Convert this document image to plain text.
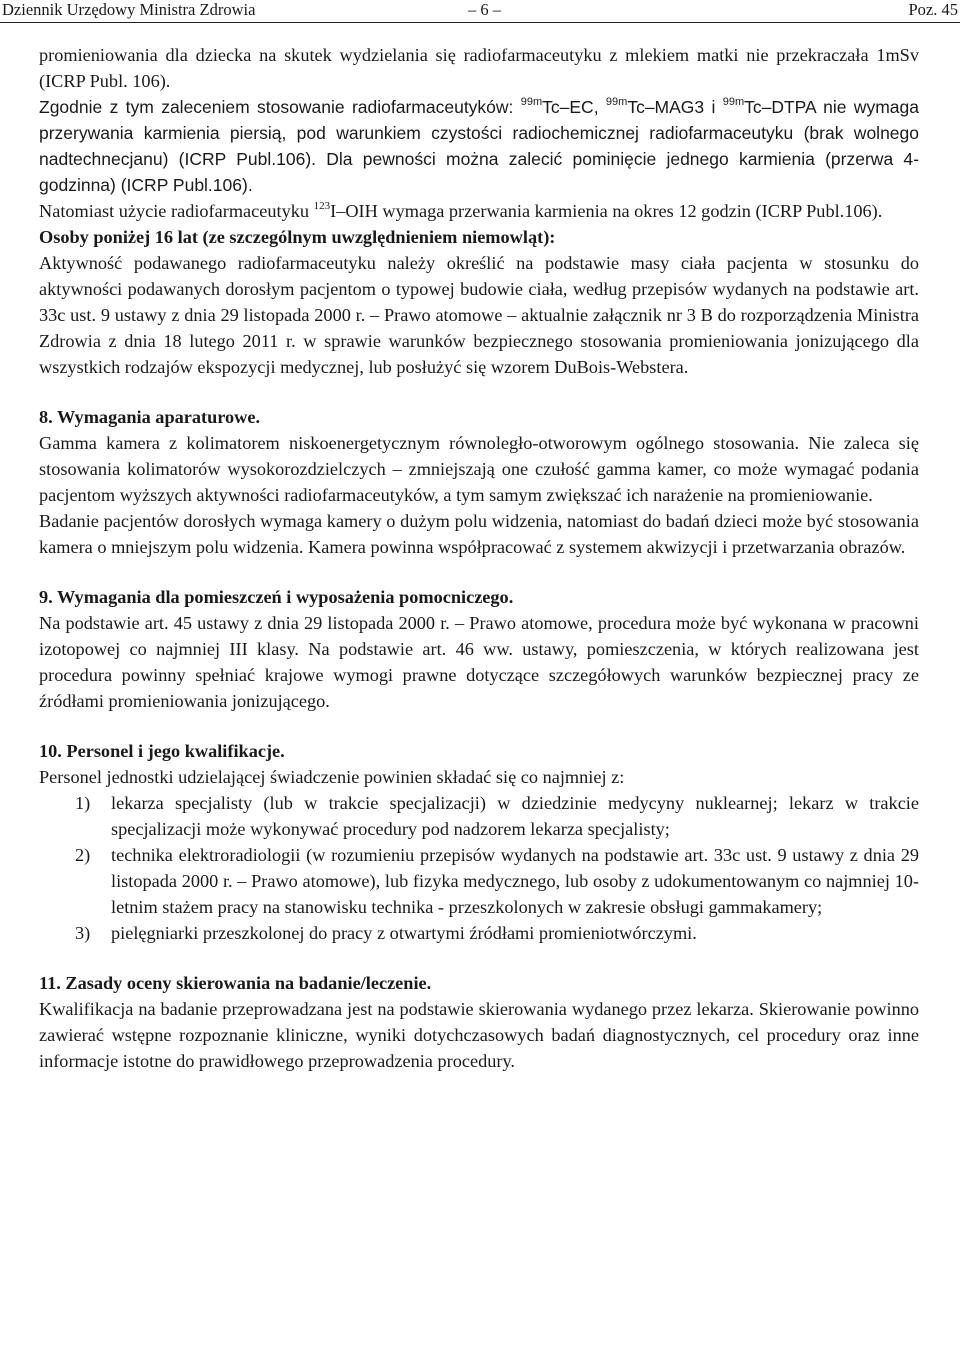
Dziennik Urzędowy Ministra Zdrowia	– 6 –	Poz. 45

promieniowania dla dziecka na skutek wydzielania się radiofarmaceutyku z mlekiem matki nie przekraczała 1mSv (ICRP Publ. 106).

Zgodnie z tym zaleceniem stosowanie radiofarmaceutyków: $^{99m}$Tc–EC, $^{99m}$Tc–MAG3 i $^{99m}$Tc–DTPA nie wymaga przerywania karmienia piersią, pod warunkiem czystości radiochemicznej radiofarmaceutyku (brak wolnego nadtechnecjanu) (ICRP Publ.106). Dla pewności można zalecić pominięcie jednego karmienia (przerwa 4-godzinna) (ICRP Publ.106).

Natomiast użycie radiofarmaceutyku $^{123}$I–OIH wymaga przerwania karmienia na okres 12 godzin (ICRP Publ.106).

Osoby poniżej 16 lat (ze szczególnym uwzględnieniem niemowląt):

Aktywność podawanego radiofarmaceutyku należy określić na podstawie masy ciała pacjenta w stosunku do aktywności podawanych dorosłym pacjentom o typowej budowie ciała, według przepisów wydanych na podstawie art. 33c ust. 9 ustawy z dnia 29 listopada 2000 r. – Prawo atomowe – aktualnie załącznik nr 3 B do rozporządzenia Ministra Zdrowia z dnia 18 lutego 2011 r. w sprawie warunków bezpiecznego stosowania promieniowania jonizującego dla wszystkich rodzajów ekspozycji medycznej, lub posłużyć się wzorem DuBois-Webstera.

8. Wymagania aparaturowe.

Gamma kamera z kolimatorem niskoenergetycznym równoległo-otworowym ogólnego stosowania. Nie zaleca się stosowania kolimatorów wysokorozdzielczych – zmniejszają one czułość gamma kamer, co może wymagać podania pacjentom wyższych aktywności radiofarmaceutyków, a tym samym zwiększać ich narażenie na promieniowanie.

Badanie pacjentów dorosłych wymaga kamery o dużym polu widzenia, natomiast do badań dzieci może być stosowania kamera o mniejszym polu widzenia. Kamera powinna współpracować z systemem akwizycji i przetwarzania obrazów.

9. Wymagania dla pomieszczeń i wyposażenia pomocniczego.

Na podstawie art. 45 ustawy z dnia 29 listopada 2000 r. – Prawo atomowe, procedura może być wykonana w pracowni izotopowej co najmniej III klasy. Na podstawie art. 46 ww. ustawy, pomieszczenia, w których realizowana jest procedura powinny spełniać krajowe wymogi prawne dotyczące szczegółowych warunków bezpiecznej pracy ze źródłami promieniowania jonizującego.

10. Personel i jego kwalifikacje.

Personel jednostki udzielającej świadczenie powinien składać się co najmniej z:

1) lekarza specjalisty (lub w trakcie specjalizacji) w dziedzinie medycyny nuklearnej; lekarz w trakcie specjalizacji może wykonywać procedury pod nadzorem lekarza specjalisty;
2) technika elektroradiologii (w rozumieniu przepisów wydanych na podstawie art. 33c ust. 9 ustawy z dnia 29 listopada 2000 r. – Prawo atomowe), lub fizyka medycznego, lub osoby z udokumentowanym co najmniej 10-letnim stażem pracy na stanowisku technika - przeszkolonych w zakresie obsługi gammakamery;
3) pielęgniarki przeszkolonej do pracy z otwartymi źródłami promieniotwórczymi.

11. Zasady oceny skierowania na badanie/leczenie.

Kwalifikacja na badanie przeprowadzana jest na podstawie skierowania wydanego przez lekarza. Skierowanie powinno zawierać wstępne rozpoznanie kliniczne, wyniki dotychczasowych badań diagnostycznych, cel procedury oraz inne informacje istotne do prawidłowego przeprowadzenia procedury.
